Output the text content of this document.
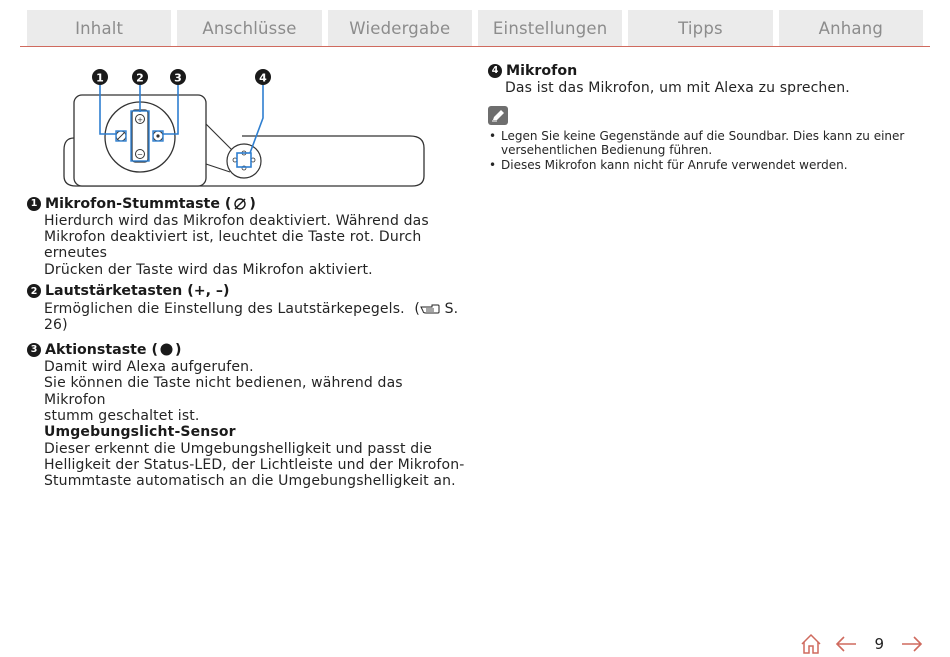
Inhalt	Anschlüsse	Wiedergabe	Einstellungen	Tipps	Anhang
1	2	3	4
+
−
1 Mikrofon-Stummtaste ( )
Hierdurch wird das Mikrofon deaktiviert. Während das
Mikrofon deaktiviert ist, leuchtet die Taste rot. Durch erneutes
Drücken der Taste wird das Mikrofon aktiviert.
2 Lautstärketasten (+, –)
Ermöglichen die Einstellung des Lautstärkepegels. ( S. 26)
3 Aktionstaste ( )
Damit wird Alexa aufgerufen.
Sie können die Taste nicht bedienen, während das Mikrofon
stumm geschaltet ist.
Umgebungslicht-Sensor
Dieser erkennt die Umgebungshelligkeit und passt die
Helligkeit der Status-LED, der Lichtleiste und der Mikrofon-
Stummtaste automatisch an die Umgebungshelligkeit an.
4 Mikrofon
Das ist das Mikrofon, um mit Alexa zu sprechen.
• Legen Sie keine Gegenstände auf die Soundbar. Dies kann zu einer versehentlichen Bedienung führen.
• Dieses Mikrofon kann nicht für Anrufe verwendet werden.
9
